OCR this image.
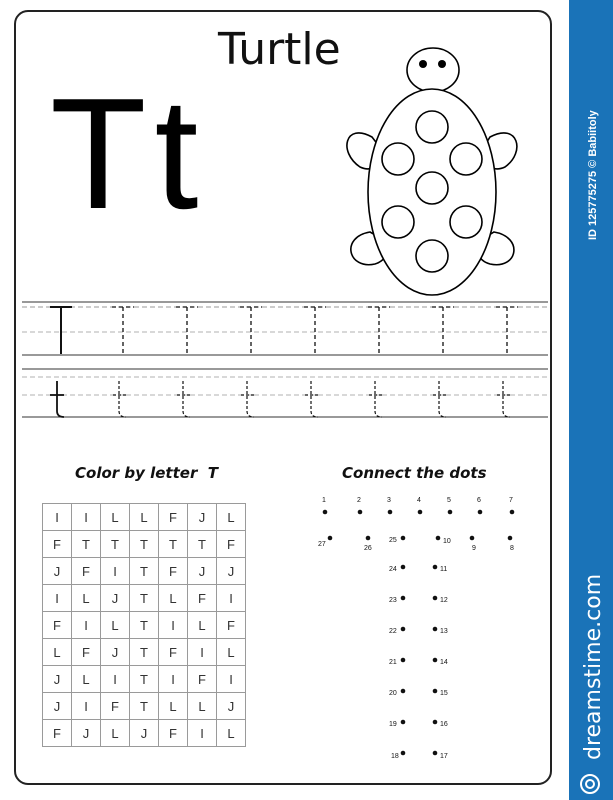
Turtle
Tt
Color by letter T	Connect the dots
I	I	L	L	F	J	L
F	T	T	T	T	T	F
J	F	I	T	F	J	J
I	L	J	T	L	F	I
F	I	L	T	I	L	F
L	F	J	T	F	I	L
J	L	I	T	I	F	I
J	I	F	T	L	L	J
F	J	L	J	F	I	L
1	2	3	4	5	6	7
8
9
10
11
12
13
14
15
16
17
18
19
20
21
22
23
24
25
26
27
ID 125775275 © Babiitoly
dreamstime.com
